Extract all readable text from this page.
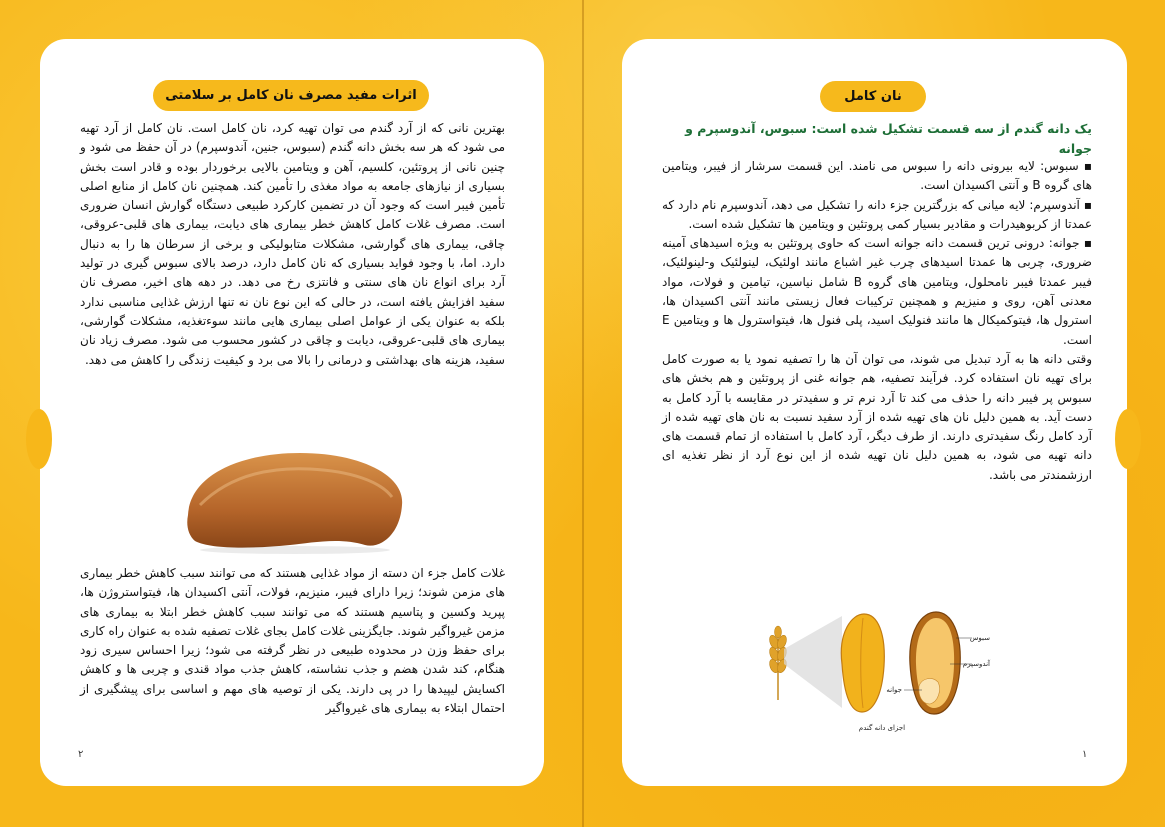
اثرات مفید مصرف نان کامل بر سلامتی

بهترین نانی که از آرد گندم می توان تهیه کرد، نان کامل است. نان کامل از آرد تهیه می شود که هر سه بخش دانه گندم (سبوس، جنین، آندوسپرم) در آن حفظ می شود و چنین نانی از پروتئین، کلسیم، آهن و ویتامین بالایی برخوردار بوده و قادر است بخش بسیاری از نیازهای جامعه به مواد مغذی را تأمین کند. همچنین نان کامل از منابع اصلی تأمین فیبر است که وجود آن در تضمین کارکرد طبیعی دستگاه گوارش انسان ضروری است. مصرف غلات کامل کاهش خطر بیماری های دیابت، بیماری های قلبی-عروقی، چاقی، بیماری های گوارشی، مشکلات متابولیکی و برخی از سرطان ها را به دنبال دارد. اما، با وجود فواید بسیاری که نان کامل دارد، درصد بالای سبوس گیری در تولید آرد برای انواع نان های سنتی و فانتزی رخ می دهد. در دهه های اخیر، مصرف نان سفید افزایش یافته است، در حالی که این نوع نان نه تنها ارزش غذایی مناسبی ندارد بلکه به عنوان یکی از عوامل اصلی بیماری هایی مانند سوءتغذیه، مشکلات گوارشی، بیماری های قلبی-عروقی، دیابت و چاقی در کشور محسوب می شود. مصرف زیاد نان سفید، هزینه های بهداشتی و درمانی را بالا می برد و کیفیت زندگی را کاهش می دهد.

غلات کامل جزء ان دسته از مواد غذایی هستند که می توانند سبب کاهش خطر بیماری های مزمن شوند؛ زیرا دارای فیبر، منیزیم، فولات، آنتی اکسیدان ها، فیتواستروژن ها، پپرید وکسین و پتاسیم هستند که می توانند سبب کاهش خطر ابتلا به بیماری های مزمن غیرواگیر شوند. جایگزینی غلات کامل بجای غلات تصفیه شده به عنوان راه کاری برای حفظ وزن در محدوده طبیعی در نظر گرفته می شود؛ زیرا احساس سیری زود هنگام، کند شدن هضم و جذب نشاسته، کاهش جذب مواد قندی و چربی ها و کاهش اکسایش لیپیدها را در پی دارند. یکی از توصیه های مهم و اساسی برای پیشگیری از احتمال ابتلاء به بیماری های غیرواگیر

۲
نان کامل

یک دانه گندم از سه قسمت تشکیل شده است: سبوس، آندوسپرم و جوانه

▪ سبوس: لایه بیرونی دانه را سبوس می نامند. این قسمت سرشار از فیبر، ویتامین های گروه B و آنتی اکسیدان است.

▪ آندوسپرم: لایه میانی که بزرگترین جزء دانه را تشکیل می دهد، آندوسپرم نام دارد که عمدتا از کربوهیدرات و مقادیر بسیار کمی پروتئین و ویتامین ها تشکیل شده است.

▪ جوانه: درونی ترین قسمت دانه جوانه است که حاوی پروتئین به ویژه اسیدهای آمینه ضروری، چربی ها عمدتا اسیدهای چرب غیر اشباع مانند اولئیک، لینولئیک و-لینولئیک، فیبر عمدتا فیبر نامحلول، ویتامین های گروه B شامل نیاسین، تیامین و فولات، مواد معدنی آهن، روی و منیزیم و همچنین ترکیبات فعال زیستی مانند آنتی اکسیدان ها، استرول ها، فیتوکمیکال ها مانند فنولیک اسید، پلی فنول ها، فیتواسترول ها و ویتامین E است.

وقتی دانه ها به آرد تبدیل می شوند، می توان آن ها را تصفیه نمود یا به صورت کامل برای تهیه نان استفاده کرد. فرآیند تصفیه، هم جوانه غنی از پروتئین و هم بخش های سبوس پر فیبر دانه را حذف می کند تا آرد نرم تر و سفیدتر در مقایسه با آرد کامل به دست آید. به همین دلیل نان های تهیه شده از آرد سفید نسبت به نان های تهیه شده از آرد کامل رنگ سفیدتری دارند. از طرف دیگر، آرد کامل با استفاده از تمام قسمت های دانه تهیه می شود، به همین دلیل نان تهیه شده از این نوع آرد از نظر تغذیه ای ارزشمندتر می باشد.

سبوس
آندوسپرم
جوانه
اجزای دانه گندم
۱
